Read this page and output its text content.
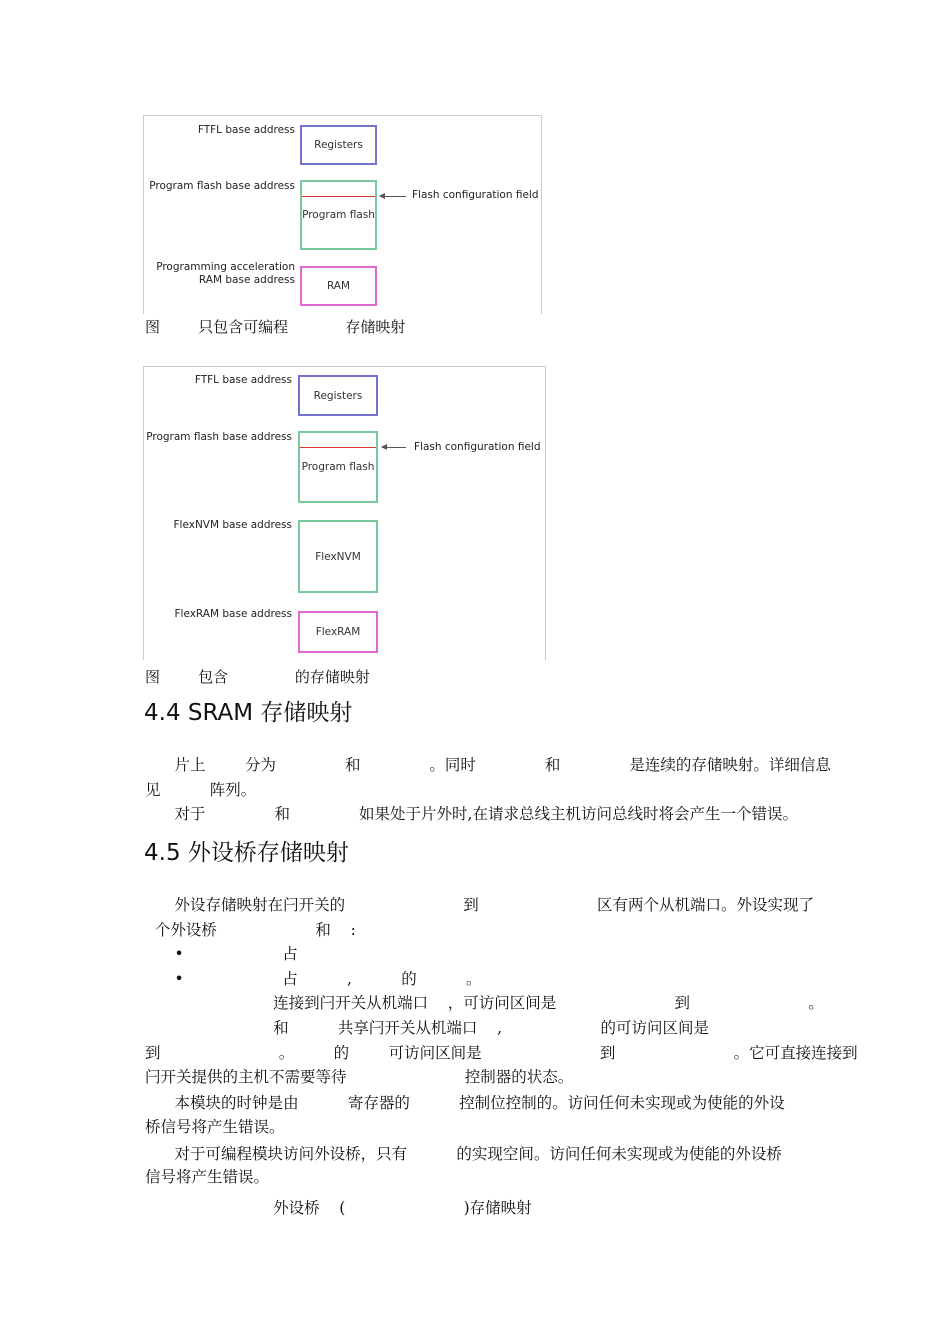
FTFL base address
Registers
Program flash base address
Program flash
Flash configuration field
Programming acceleration
RAM base address	RAM
图        只包含可编程            存储映射
FTFL base address
Registers
Program flash base address
Program flash
Flash configuration field
FlexNVM base address
FlexNVM
FlexRAM base address
FlexRAM
图        包含              的存储映射
4.4 SRAM 存储映射
片上        分为              和              。同时              和              是连续的存储映射。详细信息
见          阵列。
对于              和              如果处于片外时,在请求总线主机访问总线时将会产生一个错误。
4.5 外设桥存储映射
外设存储映射在闩开关的                        到                        区有两个从机端口。外设实现了
个外设桥                    和    :
•                    占
•                    占          ,          的          。
连接到闩开关从机端口    ，可访问区间是                        到                        。
和          共享闩开关从机端口    ,                    的可访问区间是
到                        。        的        可访问区间是                        到                        。它可直接连接到
闩开关提供的主机不需要等待                        控制器的状态。
本模块的时钟是由          寄存器的          控制位控制的。访问任何未实现或为使能的外设
桥信号将产生错误。
对于可编程模块访问外设桥，只有          的实现空间。访问任何未实现或为使能的外设桥
信号将产生错误。
外设桥    (                        )存储映射
